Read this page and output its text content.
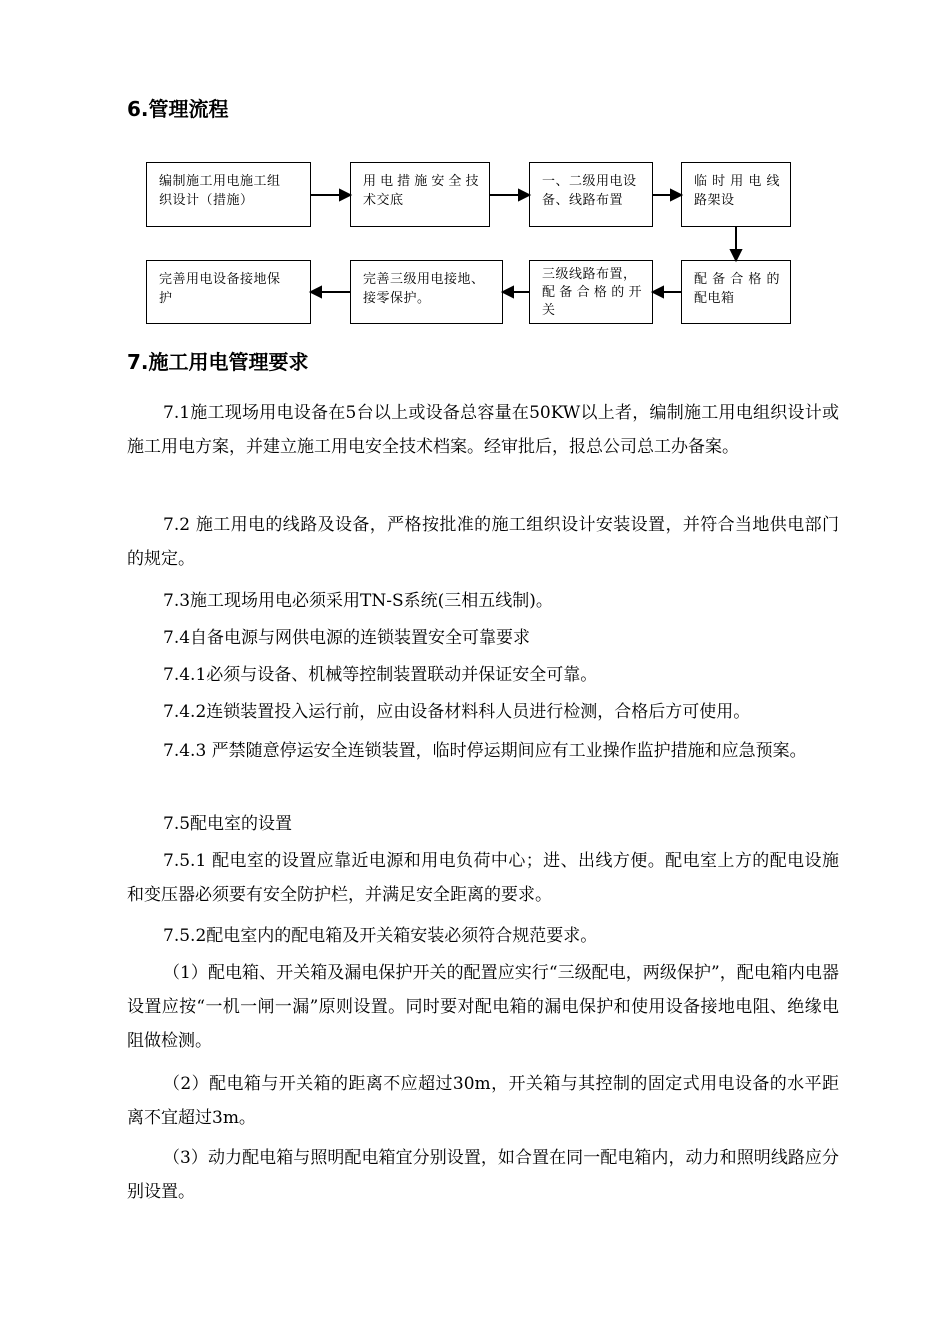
6.管理流程
编制施工用电施工组
织设计（措施）
用电措施安全技
术交底
一、二级用电设
备、线路布置
临时用电线
路架设
完善用电设备接地保
护
完善三级用电接地、
接零保护。
三级线路布置，

配备合格的开
关
配备合格的
配电箱
7.施工用电管理要求

7.1施工现场用电设备在5台以上或设备总容量在50KW以上者，编制施工用电组织设计或施工用电方案，并建立施工用电安全技术档案。经审批后，报总公司总工办备案。

7.2 施工用电的线路及设备，严格按批准的施工组织设计安装设置，并符合当地供电部门的规定。

7.3施工现场用电必须采用TN-S系统(三相五线制)。

7.4自备电源与网供电源的连锁装置安全可靠要求

7.4.1必须与设备、机械等控制装置联动并保证安全可靠。

7.4.2连锁装置投入运行前，应由设备材料科人员进行检测，合格后方可使用。

7.4.3 严禁随意停运安全连锁装置，临时停运期间应有工业操作监护措施和应急预案。

7.5配电室的设置

7.5.1 配电室的设置应靠近电源和用电负荷中心；进、出线方便。配电室上方的配电设施和变压器必须要有安全防护栏，并满足安全距离的要求。

7.5.2配电室内的配电箱及开关箱安装必须符合规范要求。

（1）配电箱、开关箱及漏电保护开关的配置应实行“三级配电，两级保护”，配电箱内电器设置应按“一机一闸一漏”原则设置。同时要对配电箱的漏电保护和使用设备接地电阻、绝缘电阻做检测。

（2）配电箱与开关箱的距离不应超过30m，开关箱与其控制的固定式用电设备的水平距离不宜超过3m。

（3）动力配电箱与照明配电箱宜分别设置，如合置在同一配电箱内，动力和照明线路应分别设置。
